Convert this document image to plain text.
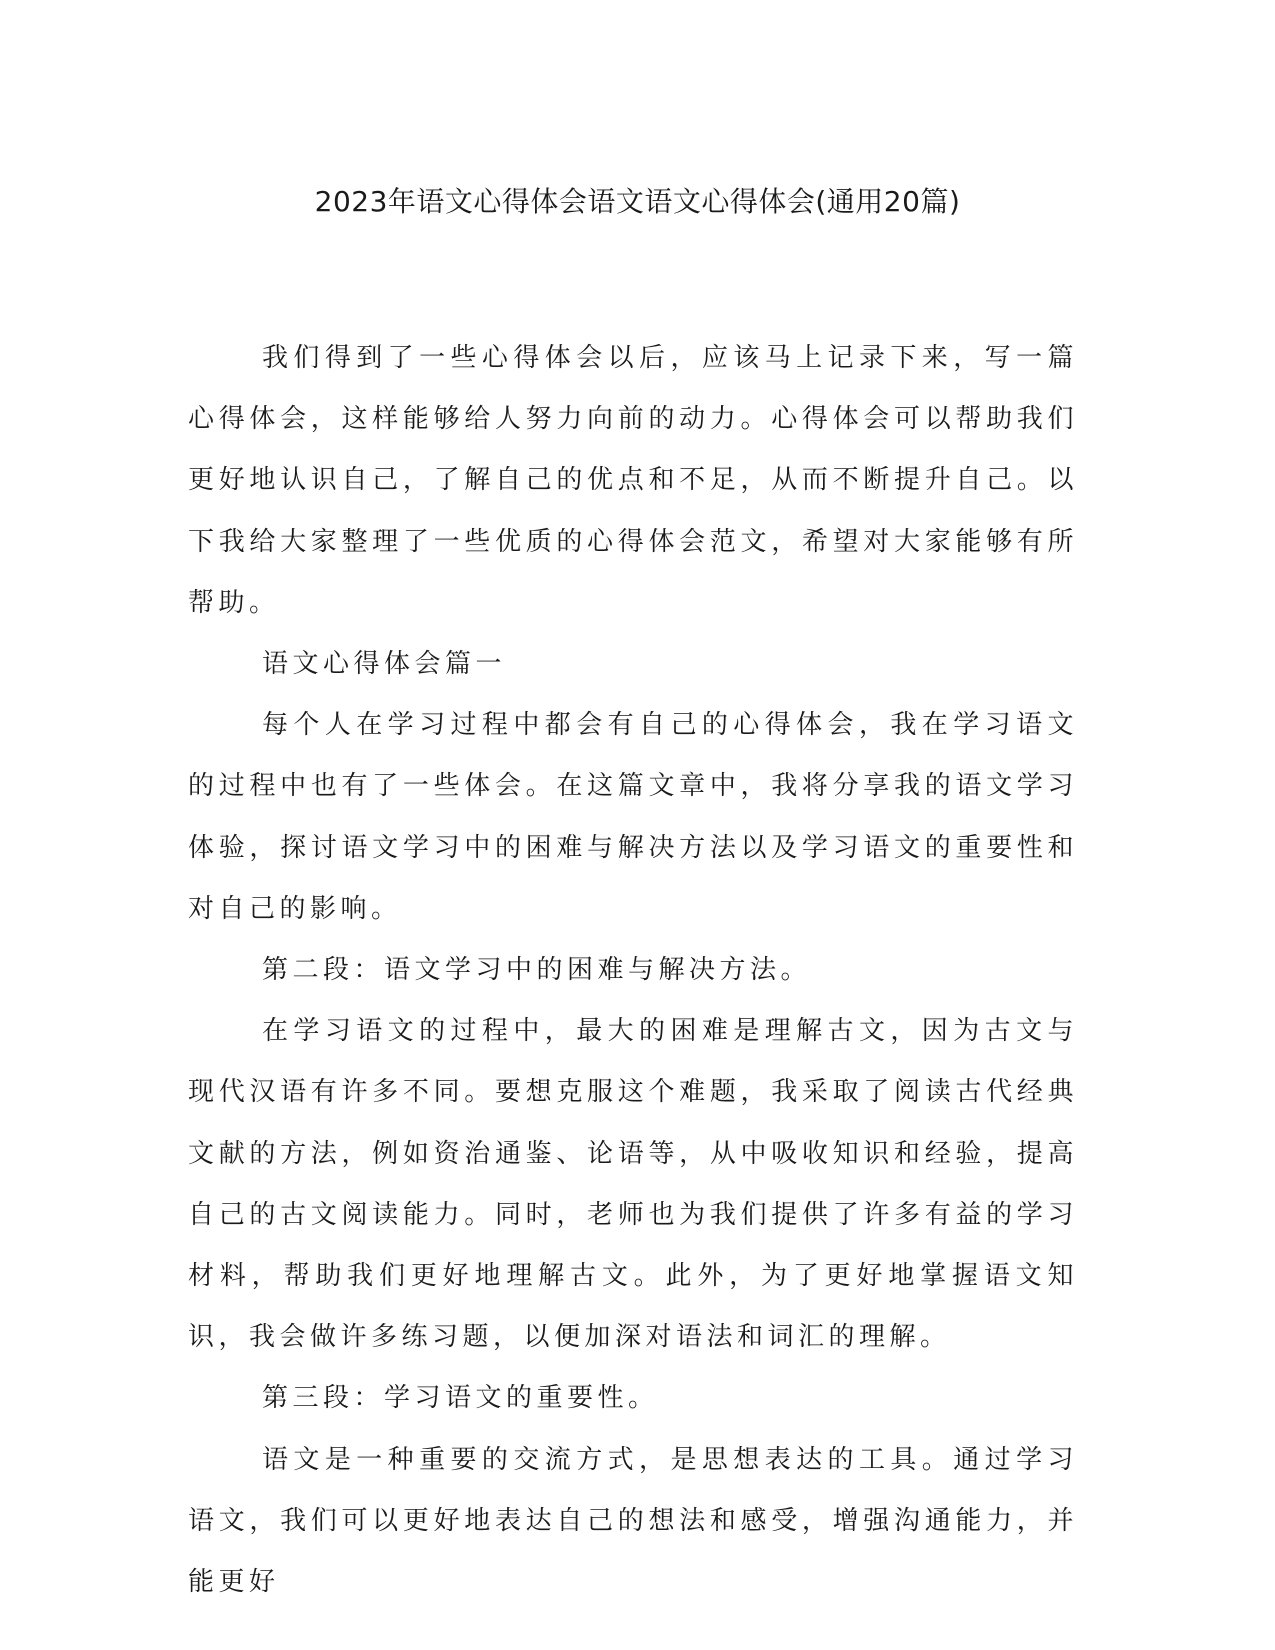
2023年语文心得体会语文语文心得体会(通用20篇)

我们得到了一些心得体会以后，应该马上记录下来，写一篇心得体会，这样能够给人努力向前的动力。心得体会可以帮助我们更好地认识自己，了解自己的优点和不足，从而不断提升自己。以下我给大家整理了一些优质的心得体会范文，希望对大家能够有所帮助。

语文心得体会篇一

每个人在学习过程中都会有自己的心得体会，我在学习语文的过程中也有了一些体会。在这篇文章中，我将分享我的语文学习体验，探讨语文学习中的困难与解决方法以及学习语文的重要性和对自己的影响。

第二段：语文学习中的困难与解决方法。

在学习语文的过程中，最大的困难是理解古文，因为古文与现代汉语有许多不同。要想克服这个难题，我采取了阅读古代经典文献的方法，例如资治通鉴、论语等，从中吸收知识和经验，提高自己的古文阅读能力。同时，老师也为我们提供了许多有益的学习材料，帮助我们更好地理解古文。此外，为了更好地掌握语文知识，我会做许多练习题，以便加深对语法和词汇的理解。

第三段：学习语文的重要性。

语文是一种重要的交流方式，是思想表达的工具。通过学习语文，我们可以更好地表达自己的想法和感受，增强沟通能力，并能更好
